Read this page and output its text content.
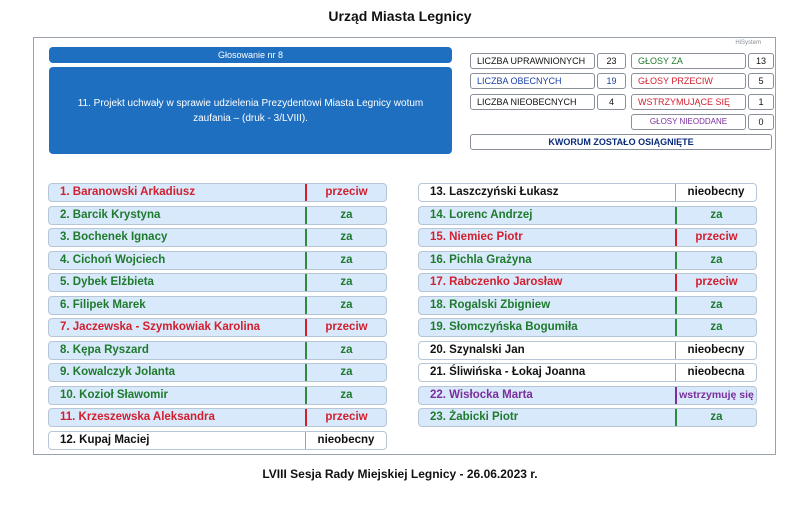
Urząd Miasta Legnicy
HiSystem
Głosowanie nr 8
11. Projekt uchwały w sprawie udzielenia Prezydentowi Miasta Legnicy wotum zaufania – (druk - 3/LVIII).
LICZBA UPRAWNIONYCH	23
LICZBA OBECNYCH	19
LICZBA NIEOBECNYCH	4
GŁOSY ZA	13
GŁOSY PRZECIW	5
WSTRZYMUJĄCE SIĘ	1
GŁOSY NIEODDANE	0
KWORUM ZOSTAŁO OSIĄGNIĘTE
1. Baranowski Arkadiusz	przeciw
2. Barcik Krystyna	za
3. Bochenek Ignacy	za
4. Cichoń Wojciech	za
5. Dybek Elżbieta	za
6. Filipek Marek	za
7. Jaczewska - Szymkowiak Karolina	przeciw
8. Kępa Ryszard	za
9. Kowalczyk Jolanta	za
10. Kozioł Sławomir	za
11. Krzeszewska Aleksandra	przeciw
12. Kupaj Maciej	nieobecny
13. Laszczyński Łukasz	nieobecny
14. Lorenc Andrzej	za
15. Niemiec Piotr	przeciw
16. Pichla Grażyna	za
17. Rabczenko Jarosław	przeciw
18. Rogalski Zbigniew	za
19. Słomczyńska Bogumiła	za
20. Szynalski Jan	nieobecny
21. Śliwińska - Łokaj Joanna	nieobecna
22. Wisłocka Marta	wstrzymuję się
23. Żabicki Piotr	za
LVIII Sesja Rady Miejskiej Legnicy - 26.06.2023 r.
